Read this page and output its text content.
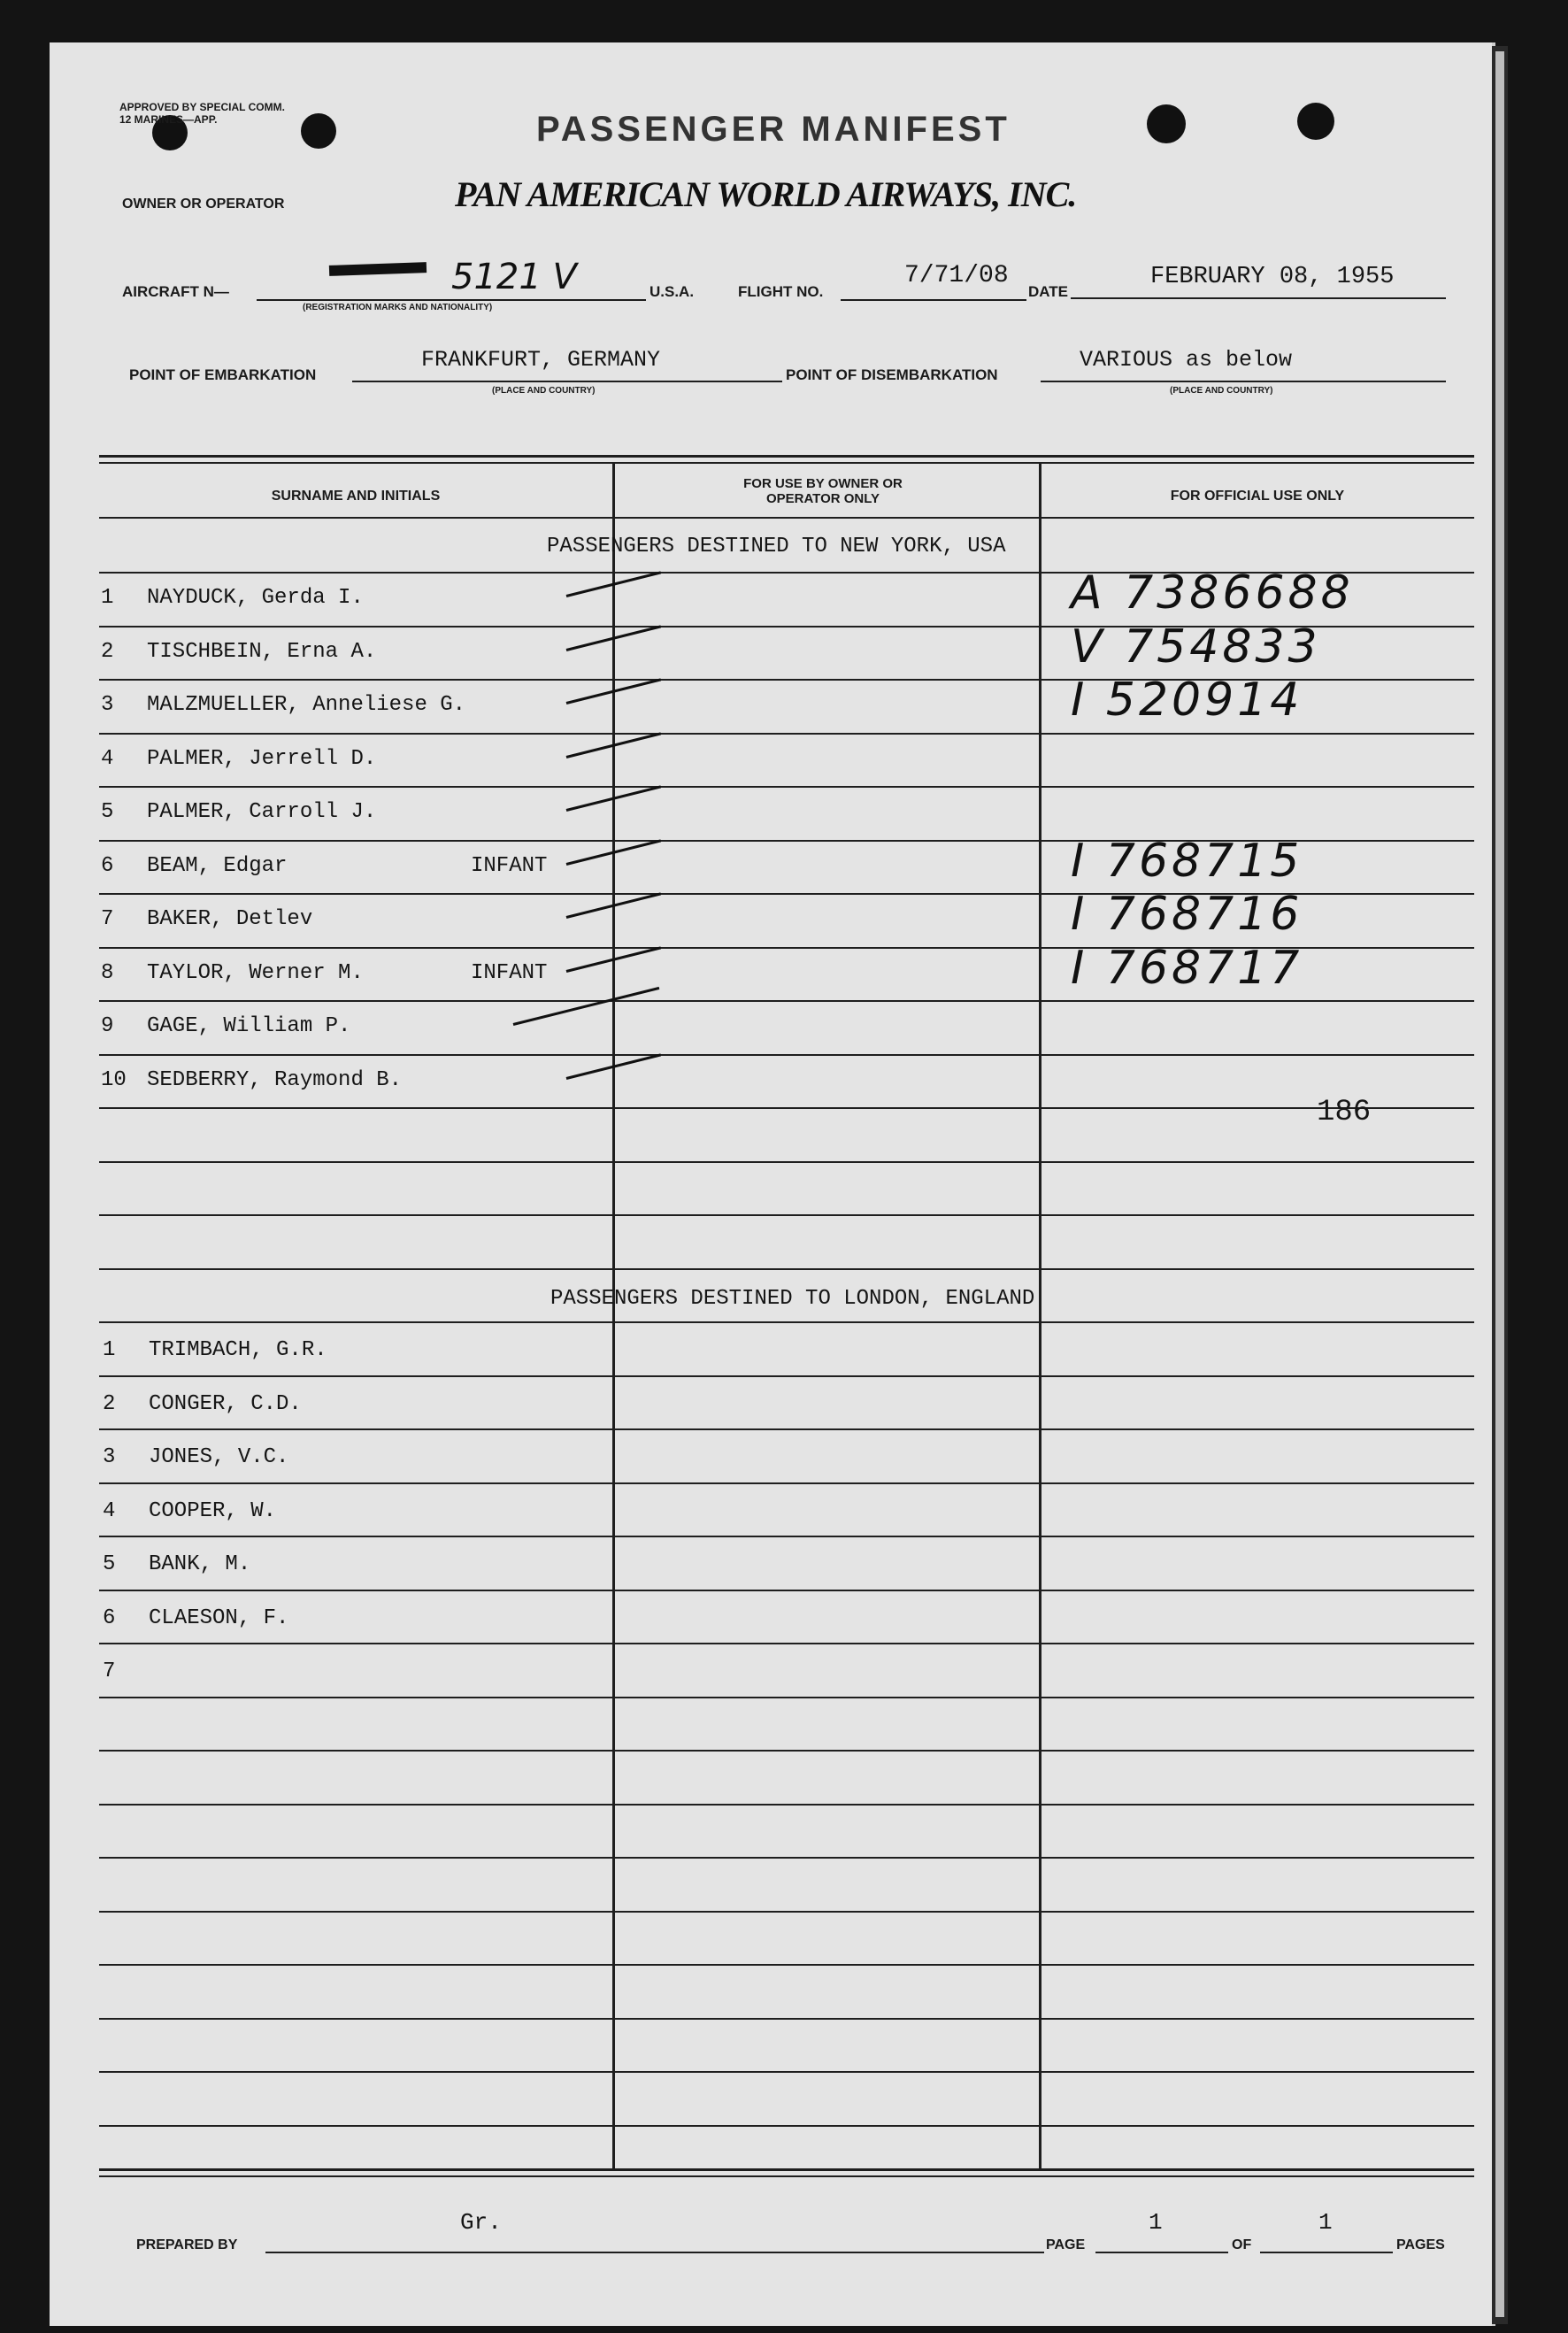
APPROVED BY SPECIAL COMM. 12 MARINES—APP.	PASSENGER MANIFEST
OWNER OR OPERATOR	PAN AMERICAN WORLD AIRWAYS, INC.
AIRCRAFT N—	5121 V
(REGISTRATION MARKS AND NATIONALITY)
U.S.A.	FLIGHT NO.
7/71/08
DATE
FEBRUARY 08, 1955
POINT OF EMBARKATION
FRANKFURT, GERMANY
(PLACE AND COUNTRY)
POINT OF DISEMBARKATION
VARIOUS as below
(PLACE AND COUNTRY)
SURNAME AND INITIALS
FOR USE BY OWNER OR OPERATOR ONLY	FOR OFFICIAL USE ONLY
PASSENGERS DESTINED TO NEW YORK, USA
1 NAYDUCK, Gerda I.	A 7386688
2 TISCHBEIN, Erna A.	V 754833
3 MALZMUELLER, Anneliese G.	I 520914
4 PALMER, Jerrell D.
5 PALMER, Carroll J.
6 BEAM, Edgar	INFANT	I 768715
7 BAKER, Detlev	I 768716
8 TAYLOR, Werner M.	INFANT	I 768717
9 GAGE, William P.
10 SEDBERRY, Raymond B.
186
PASSENGERS DESTINED TO LONDON, ENGLAND
1 TRIMBACH, G.R.
2 CONGER, C.D.
3 JONES, V.C.
4 COOPER, W.
5 BANK, M.
6 CLAESON, F.
7
PREPARED BY
Gr.
PAGE
1
OF
1
PAGES
